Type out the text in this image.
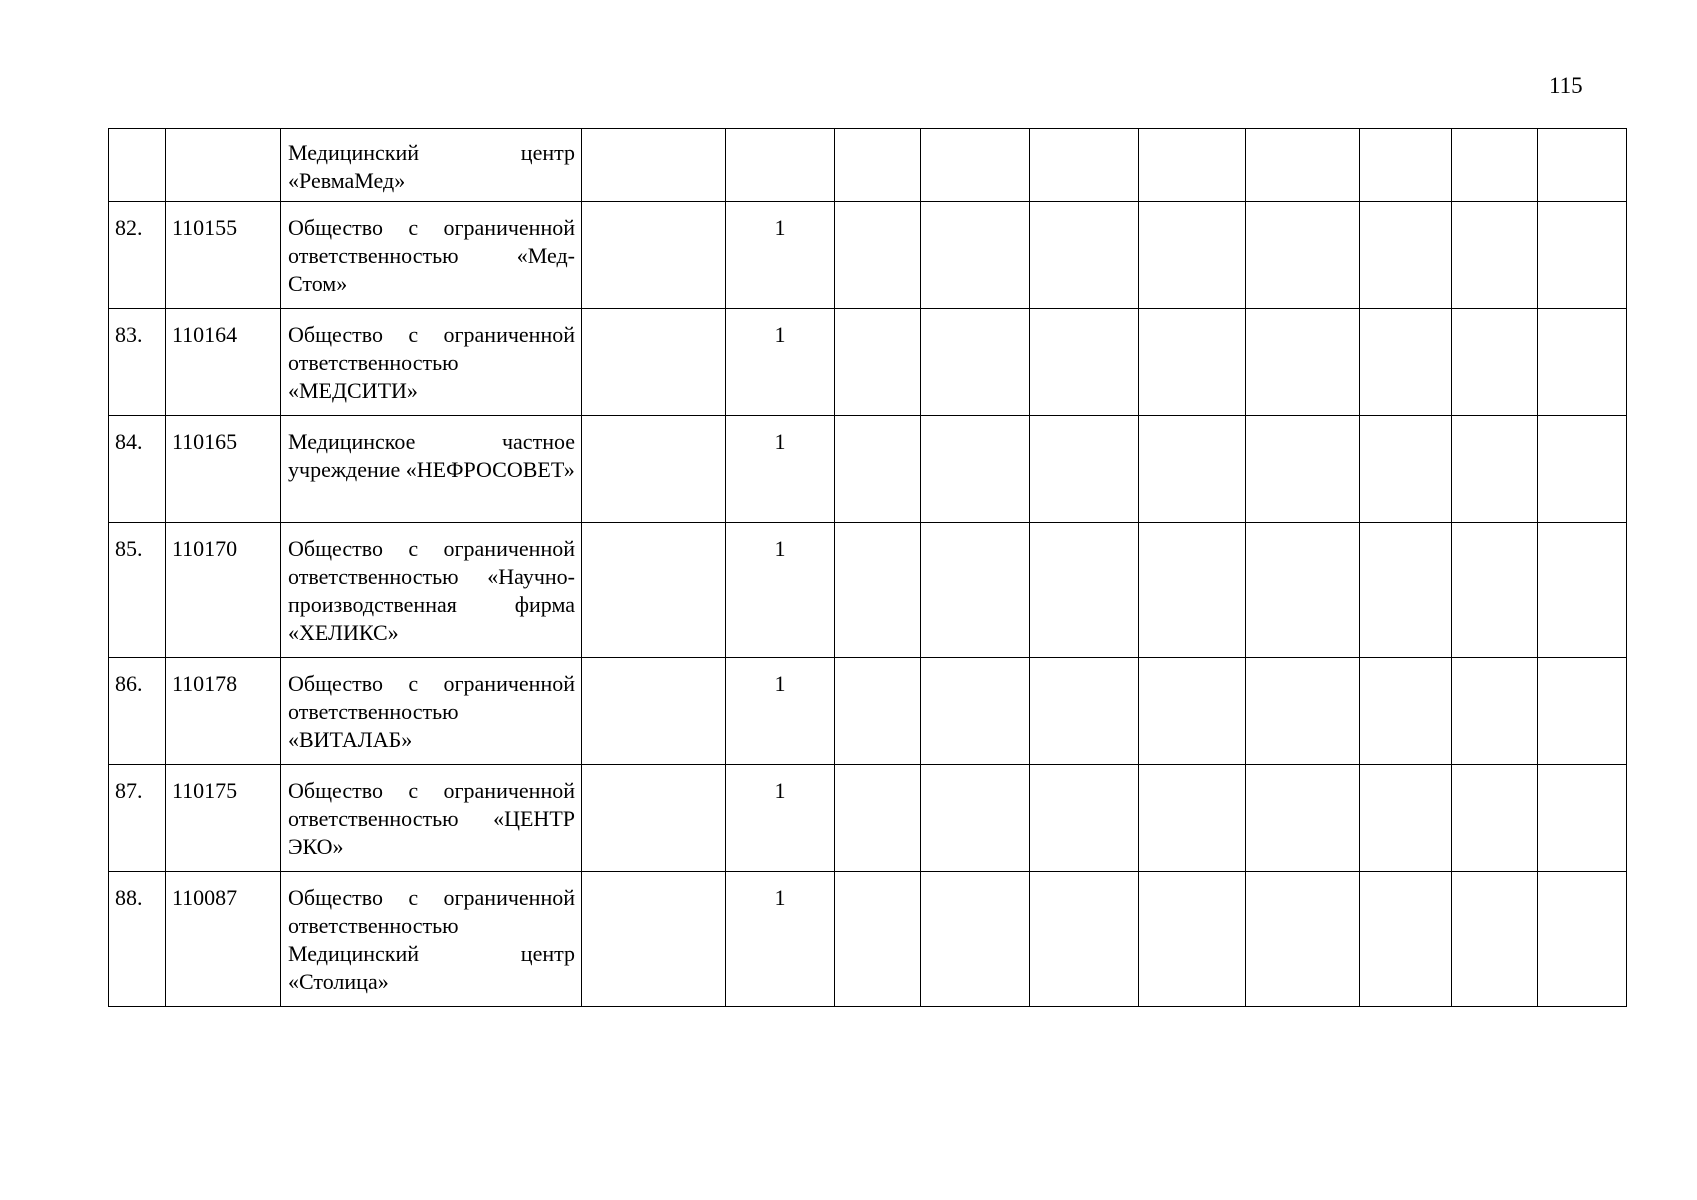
115
		Медицинский центр «РевмаМед»										
82.	110155	Общество с ограниченной ответственностью «Мед-Стом»		1								
83.	110164	Общество с ограниченной ответственностью «МЕДСИТИ»		1								
84.	110165	Медицинское частное учреждение «НЕФРОСОВЕТ»		1								
85.	110170	Общество с ограниченной ответственностью «Научно-производственная фирма «ХЕЛИКС»		1								
86.	110178	Общество с ограниченной ответственностью «ВИТАЛАБ»		1								
87.	110175	Общество с ограниченной ответственностью «ЦЕНТР ЭКО»		1								
88.	110087	Общество с ограниченной ответственностью Медицинский центр «Столица»		1								
